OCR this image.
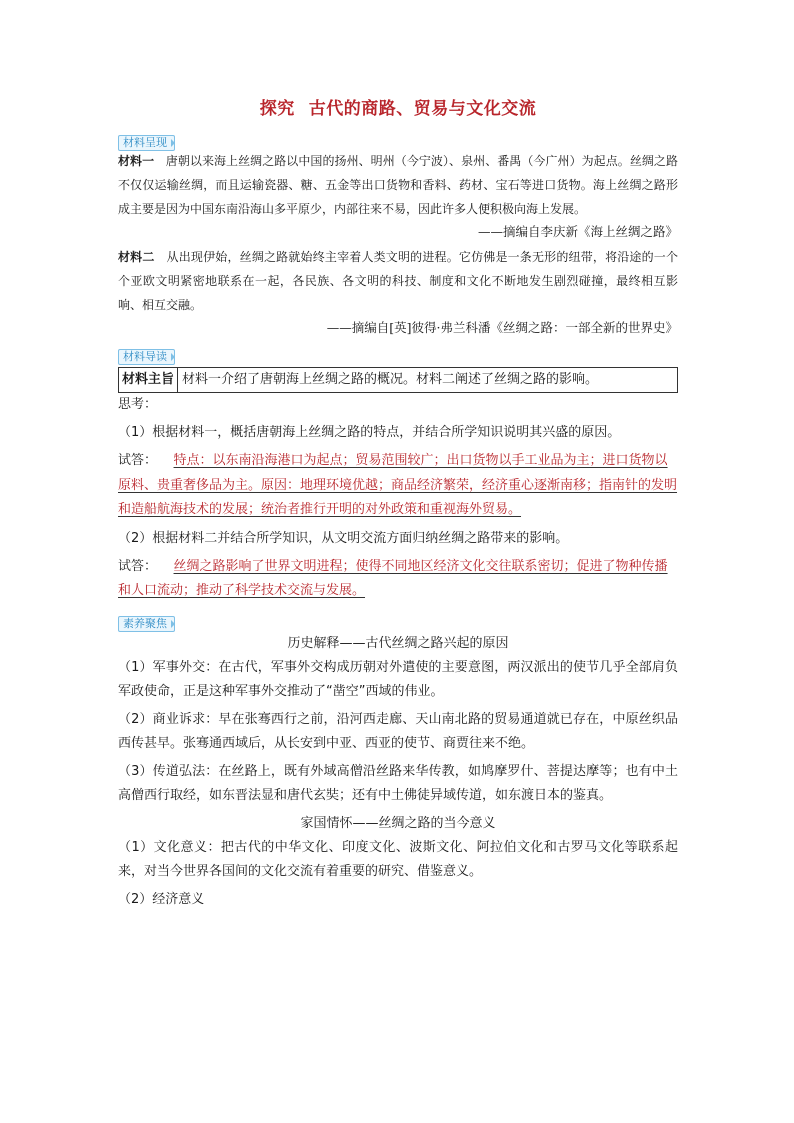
探究 古代的商路、贸易与文化交流
材料呈现
材料一 唐朝以来海上丝绸之路以中国的扬州、明州（今宁波）、泉州、番禺（今广州）为起点。丝绸之路不仅仅运输丝绸，而且运输瓷器、糖、五金等出口货物和香料、药材、宝石等进口货物。海上丝绸之路形成主要是因为中国东南沿海山多平原少，内部往来不易，因此许多人便积极向海上发展。
——摘编自李庆新《海上丝绸之路》
材料二 从出现伊始，丝绸之路就始终主宰着人类文明的进程。它仿佛是一条无形的纽带，将沿途的一个个亚欧文明紧密地联系在一起，各民族、各文明的科技、制度和文化不断地发生剧烈碰撞，最终相互影响、相互交融。
——摘编自[英]彼得·弗兰科潘《丝绸之路：一部全新的世界史》
材料导读
材料主旨 材料一介绍了唐朝海上丝绸之路的概况。材料二阐述了丝绸之路的影响。
思考：
（1）根据材料一，概括唐朝海上丝绸之路的特点，并结合所学知识说明其兴盛的原因。
试答： 特点：以东南沿海港口为起点；贸易范围较广；出口货物以手工业品为主；进口货物以原料、贵重奢侈品为主。原因：地理环境优越；商品经济繁荣，经济重心逐渐南移；指南针的发明和造船航海技术的发展；统治者推行开明的对外政策和重视海外贸易。
（2）根据材料二并结合所学知识，从文明交流方面归纳丝绸之路带来的影响。
试答： 丝绸之路影响了世界文明进程；使得不同地区经济文化交往联系密切；促进了物种传播和人口流动；推动了科学技术交流与发展。
素养聚焦
历史解释——古代丝绸之路兴起的原因
（1）军事外交：在古代，军事外交构成历朝对外遣使的主要意图，两汉派出的使节几乎全部肩负军政使命，正是这种军事外交推动了“凿空”西域的伟业。
（2）商业诉求：早在张骞西行之前，沿河西走廊、天山南北路的贸易通道就已存在，中原丝织品西传甚早。张骞通西域后，从长安到中亚、西亚的使节、商贾往来不绝。
（3）传道弘法：在丝路上，既有外域高僧沿丝路来华传教，如鸠摩罗什、菩提达摩等；也有中土高僧西行取经，如东晋法显和唐代玄奘；还有中土佛徒异域传道，如东渡日本的鉴真。
家国情怀——丝绸之路的当今意义
（1）文化意义：把古代的中华文化、印度文化、波斯文化、阿拉伯文化和古罗马文化等联系起来，对当今世界各国间的文化交流有着重要的研究、借鉴意义。
（2）经济意义
